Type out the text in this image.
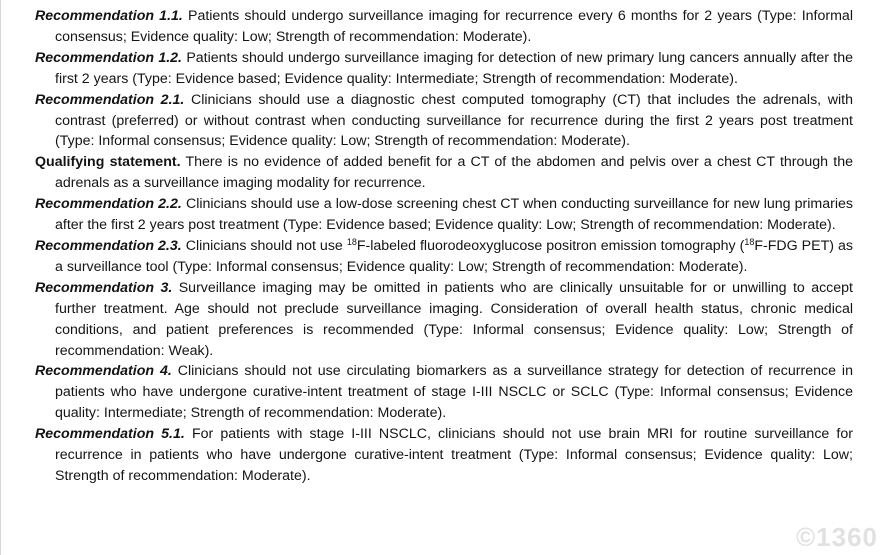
Recommendation 1.1. Patients should undergo surveillance imaging for recurrence every 6 months for 2 years (Type: Informal consensus; Evidence quality: Low; Strength of recommendation: Moderate).

Recommendation 1.2. Patients should undergo surveillance imaging for detection of new primary lung cancers annually after the first 2 years (Type: Evidence based; Evidence quality: Intermediate; Strength of recommendation: Moderate).

Recommendation 2.1. Clinicians should use a diagnostic chest computed tomography (CT) that includes the adrenals, with contrast (preferred) or without contrast when conducting surveillance for recurrence during the first 2 years post treatment (Type: Informal consensus; Evidence quality: Low; Strength of recommendation: Moderate).

Qualifying statement. There is no evidence of added benefit for a CT of the abdomen and pelvis over a chest CT through the adrenals as a surveillance imaging modality for recurrence.

Recommendation 2.2. Clinicians should use a low-dose screening chest CT when conducting surveillance for new lung primaries after the first 2 years post treatment (Type: Evidence based; Evidence quality: Low; Strength of recommendation: Moderate).

Recommendation 2.3. Clinicians should not use $^{18}$F-labeled fluorodeoxyglucose positron emission tomography ($^{18}$F-FDG PET) as a surveillance tool (Type: Informal consensus; Evidence quality: Low; Strength of recommendation: Moderate).

Recommendation 3. Surveillance imaging may be omitted in patients who are clinically unsuitable for or unwilling to accept further treatment. Age should not preclude surveillance imaging. Consideration of overall health status, chronic medical conditions, and patient preferences is recommended (Type: Informal consensus; Evidence quality: Low; Strength of recommendation: Weak).

Recommendation 4. Clinicians should not use circulating biomarkers as a surveillance strategy for detection of recurrence in patients who have undergone curative-intent treatment of stage I-III NSCLC or SCLC (Type: Informal consensus; Evidence quality: Intermediate; Strength of recommendation: Moderate).

Recommendation 5.1. For patients with stage I-III NSCLC, clinicians should not use brain MRI for routine surveillance for recurrence in patients who have undergone curative-intent treatment (Type: Informal consensus; Evidence quality: Low; Strength of recommendation: Moderate).

©1360
